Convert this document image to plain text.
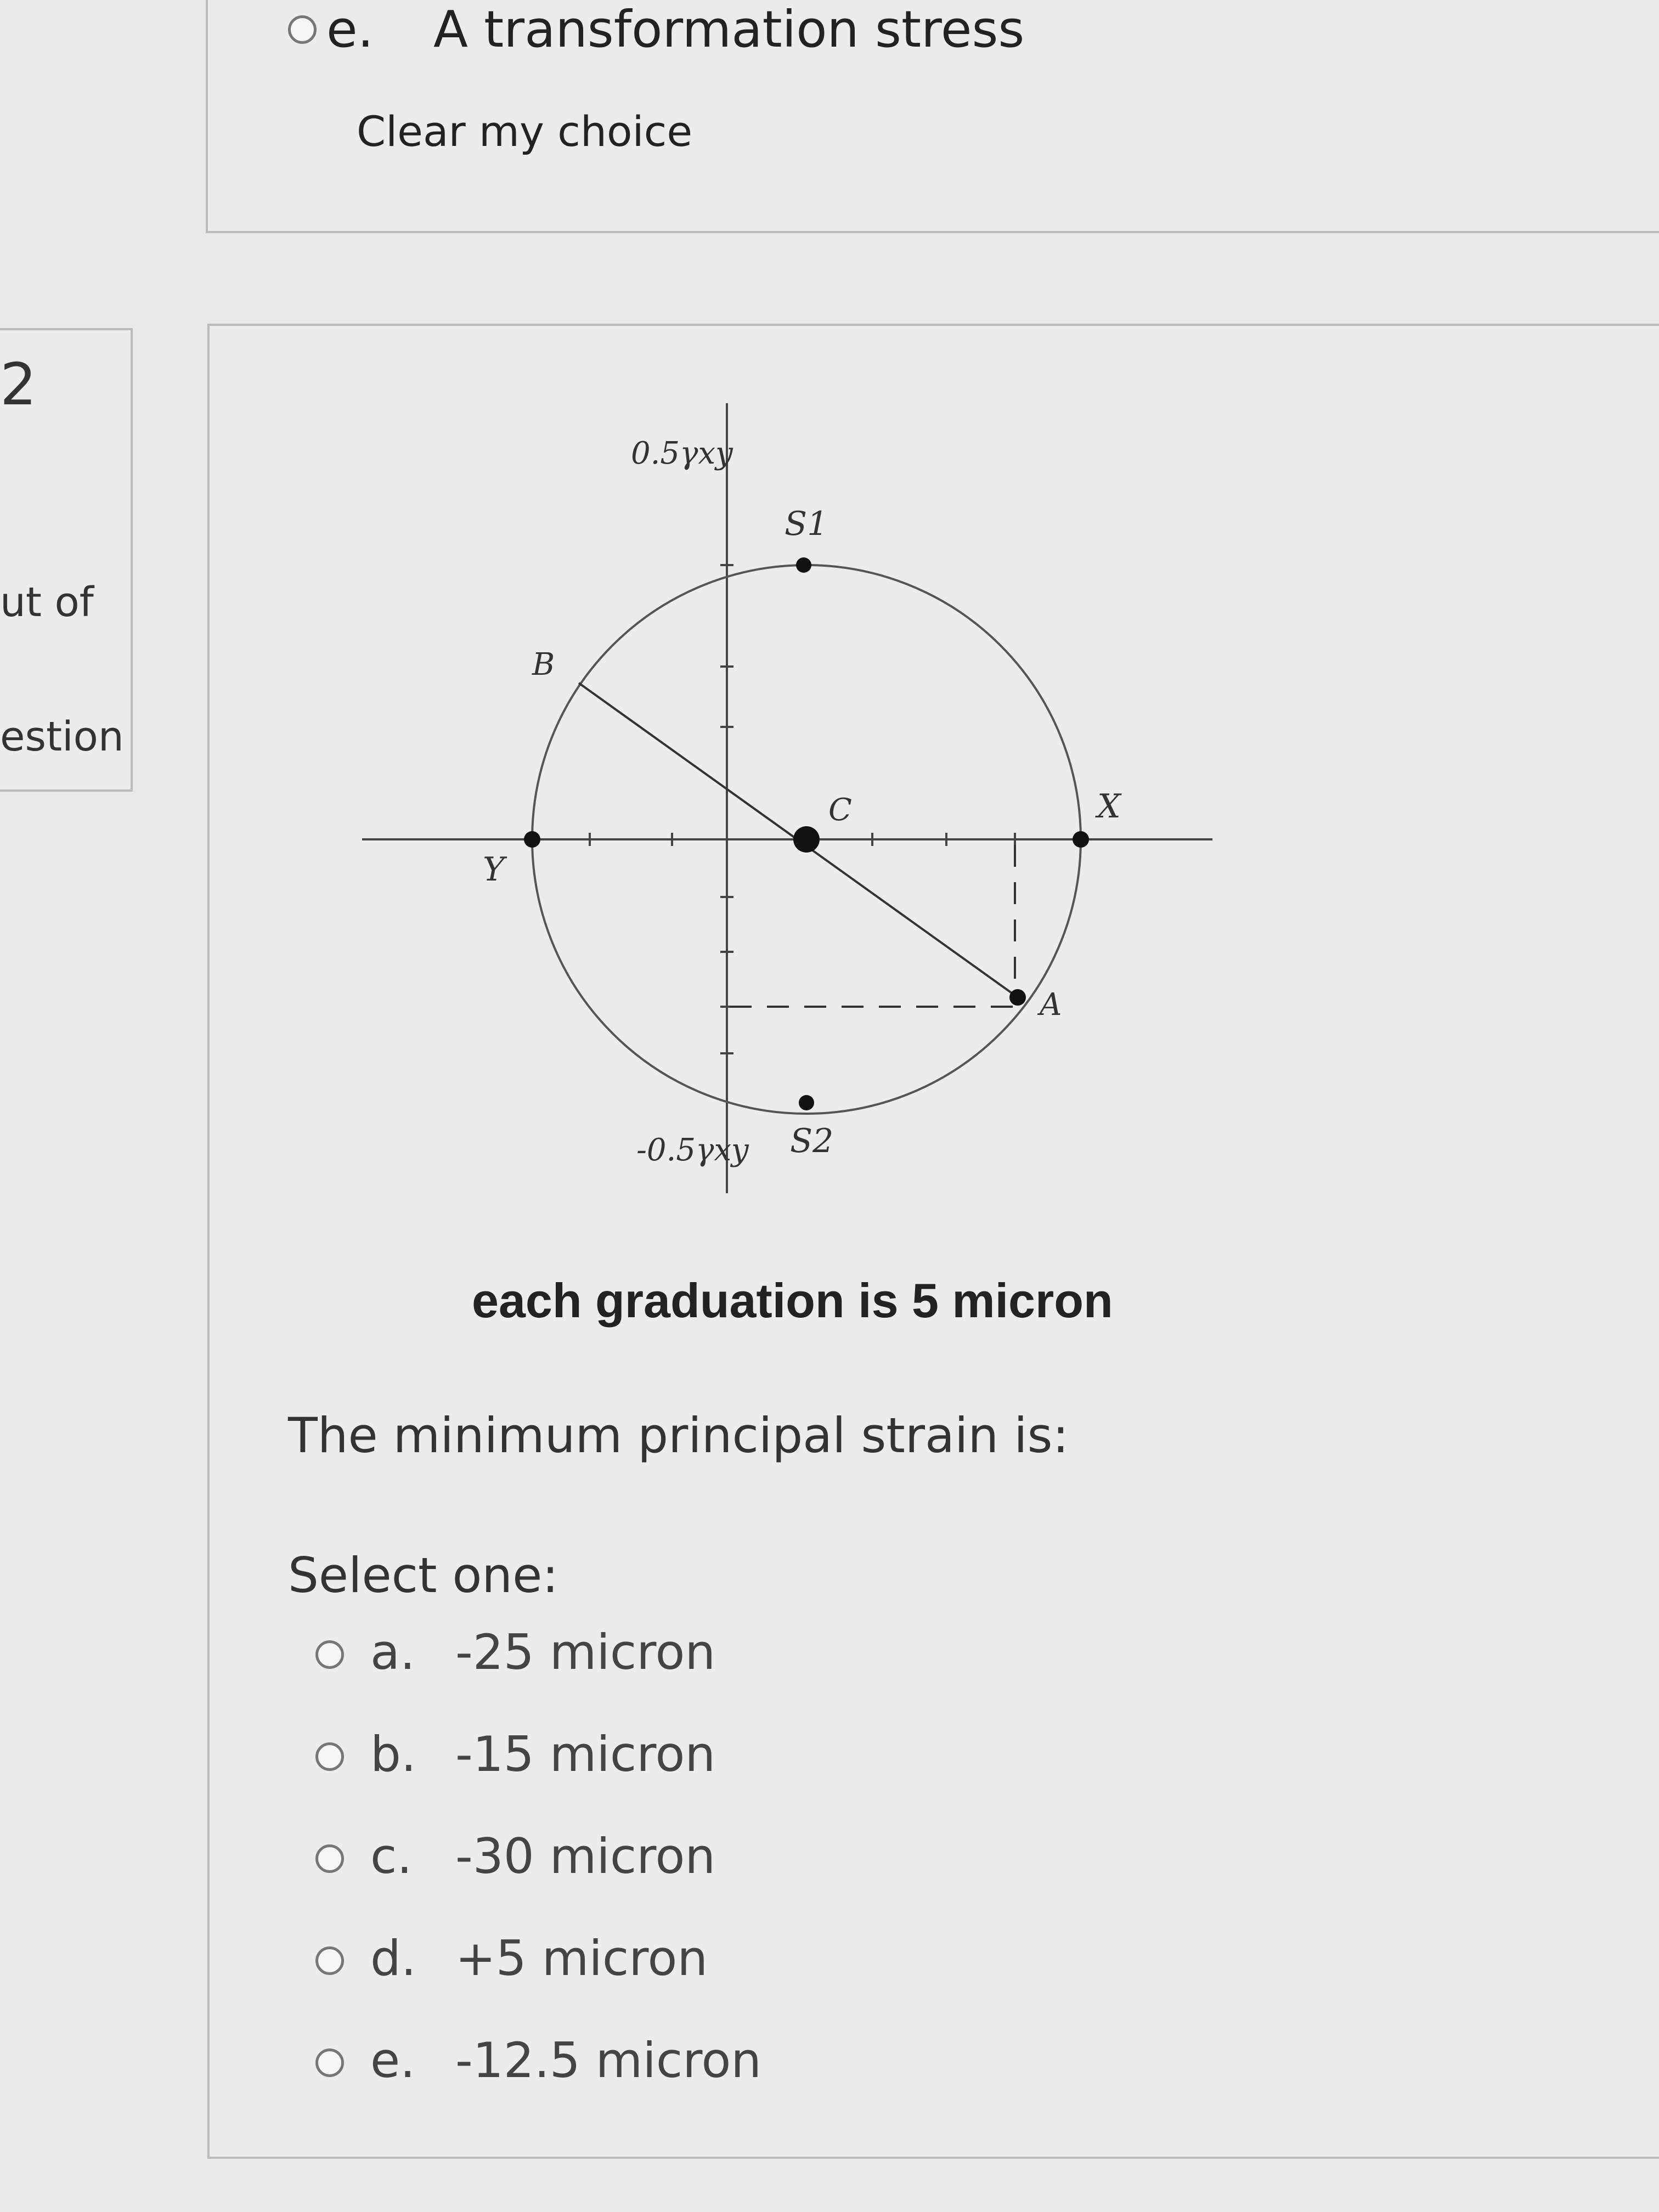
e. A transformation stress
Clear my choice
2
ut of
estion
0.5γxy
-0.5γxy
S1
S2
B
C	X
Y
A
each graduation is 5 micron
The minimum principal strain is:
Select one:
a. -25 micron
b. -15 micron
c. -30 micron
d. +5 micron
e. -12.5 micron
